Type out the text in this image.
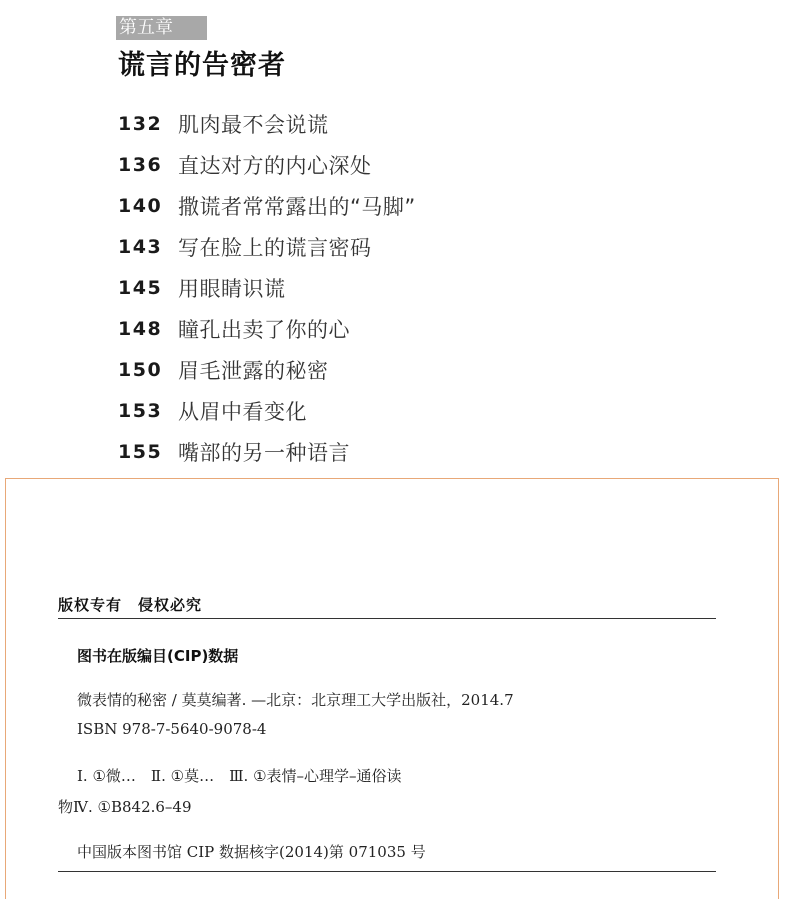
第五章
谎言的告密者
132 肌肉最不会说谎
136 直达对方的内心深处
140 撒谎者常常露出的“马脚”
143 写在脸上的谎言密码
145 用眼睛识谎
148 瞳孔出卖了你的心
150 眉毛泄露的秘密
153 从眉中看变化
155 嘴部的另一种语言
版权专有　侵权必究
图书在版编目(CIP)数据
微表情的秘密 / 莫莫编著. —北京：北京理工大学出版社，2014.7
ISBN 978-7-5640-9078-4
Ⅰ. ①微…　Ⅱ. ①莫…　Ⅲ. ①表情–心理学–通俗读
物Ⅳ. ①B842.6–49
中国版本图书馆 CIP 数据核字(2014)第 071035 号
